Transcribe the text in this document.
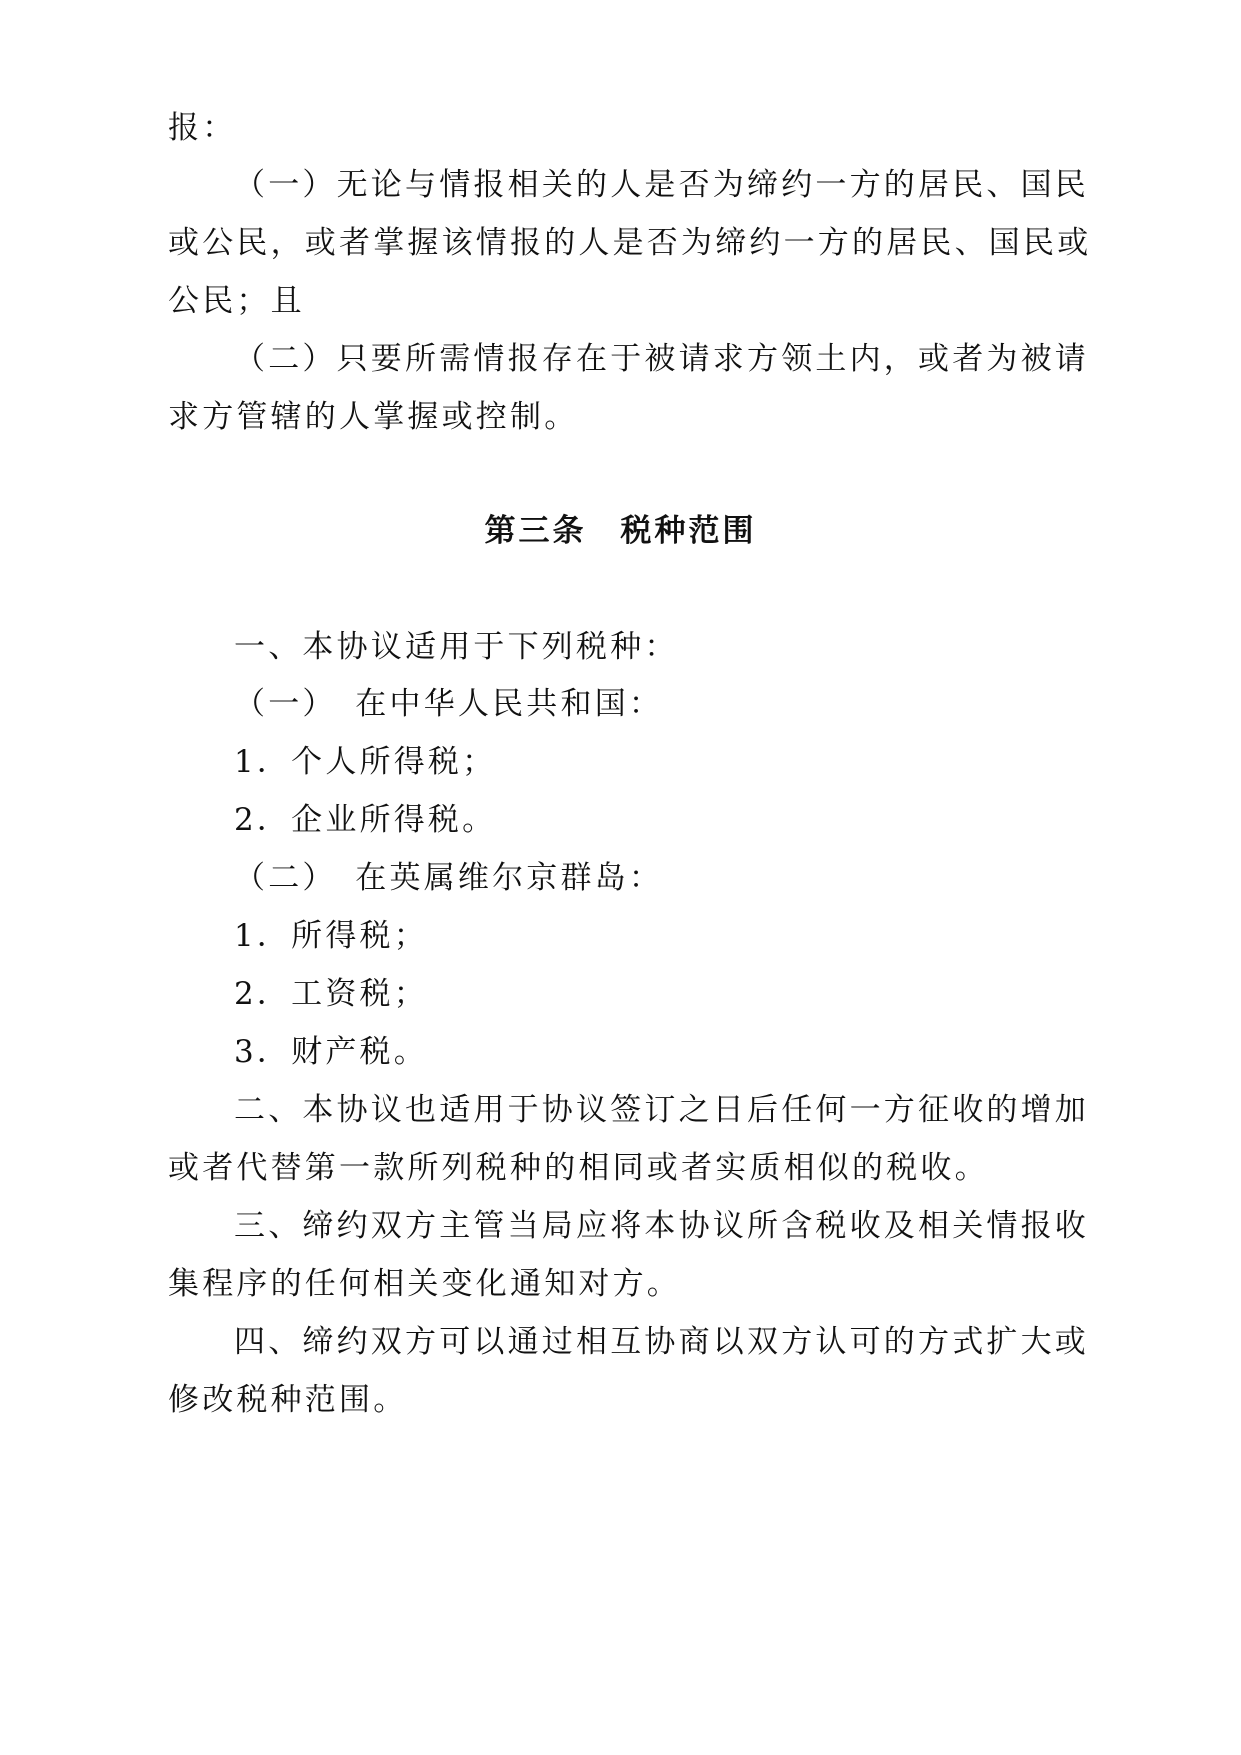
报：
（一）无论与情报相关的人是否为缔约一方的居民、国民
或公民，或者掌握该情报的人是否为缔约一方的居民、国民或
公民；且
（二）只要所需情报存在于被请求方领土内，或者为被请
求方管辖的人掌握或控制。
第三条　税种范围
一、本协议适用于下列税种：
（一）　在中华人民共和国：
1．个人所得税；
2．企业所得税。
（二）　在英属维尔京群岛：
1．所得税；
2．工资税；
3．财产税。
二、本协议也适用于协议签订之日后任何一方征收的增加
或者代替第一款所列税种的相同或者实质相似的税收。
三、缔约双方主管当局应将本协议所含税收及相关情报收
集程序的任何相关变化通知对方。
四、缔约双方可以通过相互协商以双方认可的方式扩大或
修改税种范围。
